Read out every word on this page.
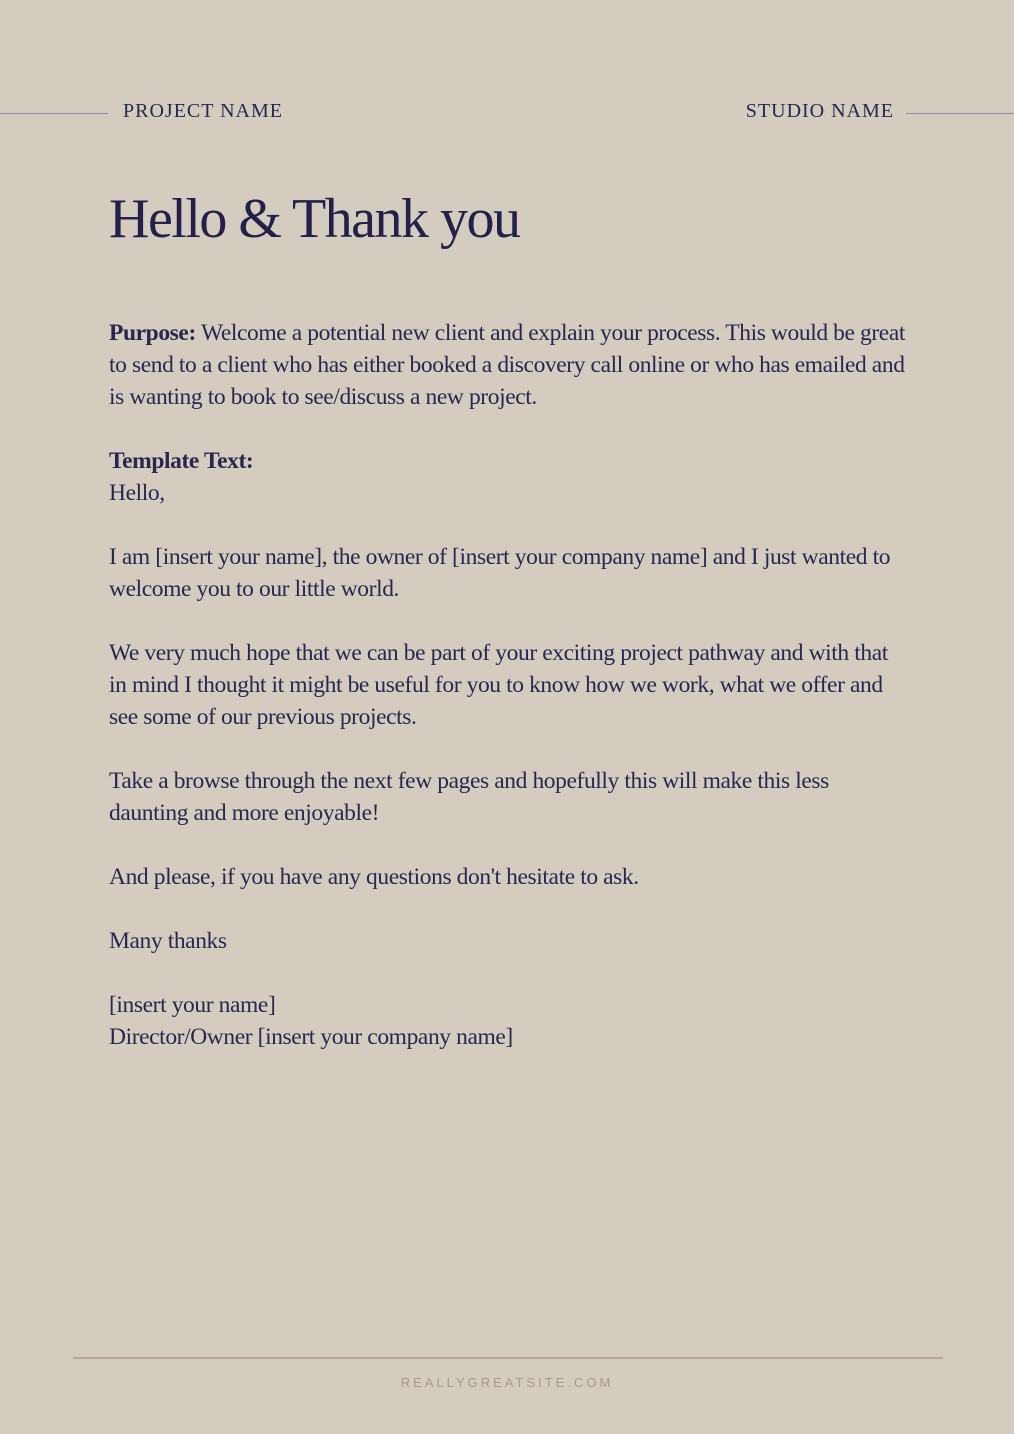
PROJECT NAME	STUDIO NAME
Hello & Thank you

Purpose: Welcome a potential new client and explain your process. This would be great to send to a client who has either booked a discovery call online or who has emailed and is wanting to book to see/discuss a new project.

Template Text:
Hello,

I am [insert your name], the owner of [insert your company name] and I just wanted to welcome you to our little world.

We very much hope that we can be part of your exciting project pathway and with that in mind I thought it might be useful for you to know how we work, what we offer and see some of our previous projects.

Take a browse through the next few pages and hopefully this will make this less daunting and more enjoyable!

And please, if you have any questions don't hesitate to ask.

Many thanks

[insert your name]
Director/Owner [insert your company name]

REALLYGREATSITE.COM
